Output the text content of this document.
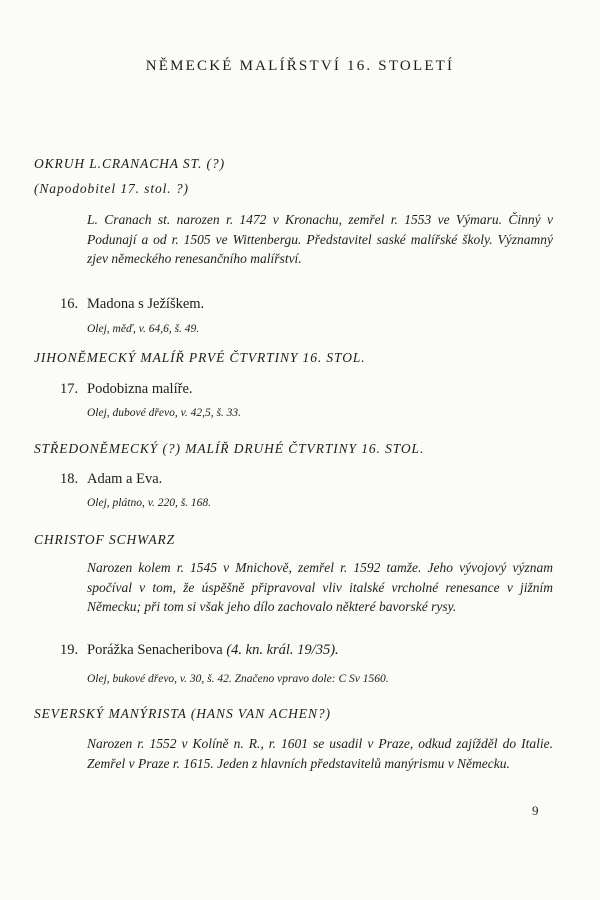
NĚMECKÉ MALÍŘSTVÍ 16. STOLETÍ
OKRUH L.CRANACHA ST. (?)
(Napodobitel 17. stol. ?)
L. Cranach st. narozen r. 1472 v Kronachu, zemřel r. 1553 ve Výmaru. Činný v Podunají a od r. 1505 ve Wittenbergu. Představitel saské malířské školy. Významný zjev německého renesančního malířství.
16. Madona s Ježíškem.
Olej, měď, v. 64,6, š. 49.
JIHONĚMECKÝ MALÍŘ PRVÉ ČTVRTINY 16. STOL.
17. Podobizna malíře.
Olej, dubové dřevo, v. 42,5, š. 33.
STŘEDONĚMECKÝ (?) MALÍŘ DRUHÉ ČTVRTINY 16. STOL.
18. Adam a Eva.
Olej, plátno, v. 220, š. 168.
CHRISTOF SCHWARZ
Narozen kolem r. 1545 v Mnichově, zemřel r. 1592 tamže. Jeho vývojový význam spočíval v tom, že úspěšně připravoval vliv italské vrcholné renesance v jižním Německu; při tom si však jeho dílo zachovalo některé bavorské rysy.
19. Porážka Senacheribova (4. kn. král. 19/35).
Olej, bukové dřevo, v. 30, š. 42. Značeno vpravo dole: C Sv 1560.
SEVERSKÝ MANÝRISTA (HANS VAN ACHEN?)
Narozen r. 1552 v Kolíně n. R., r. 1601 se usadil v Praze, odkud zajížděl do Italie. Zemřel v Praze r. 1615. Jeden z hlavních představitelů manýrismu v Německu.
9
